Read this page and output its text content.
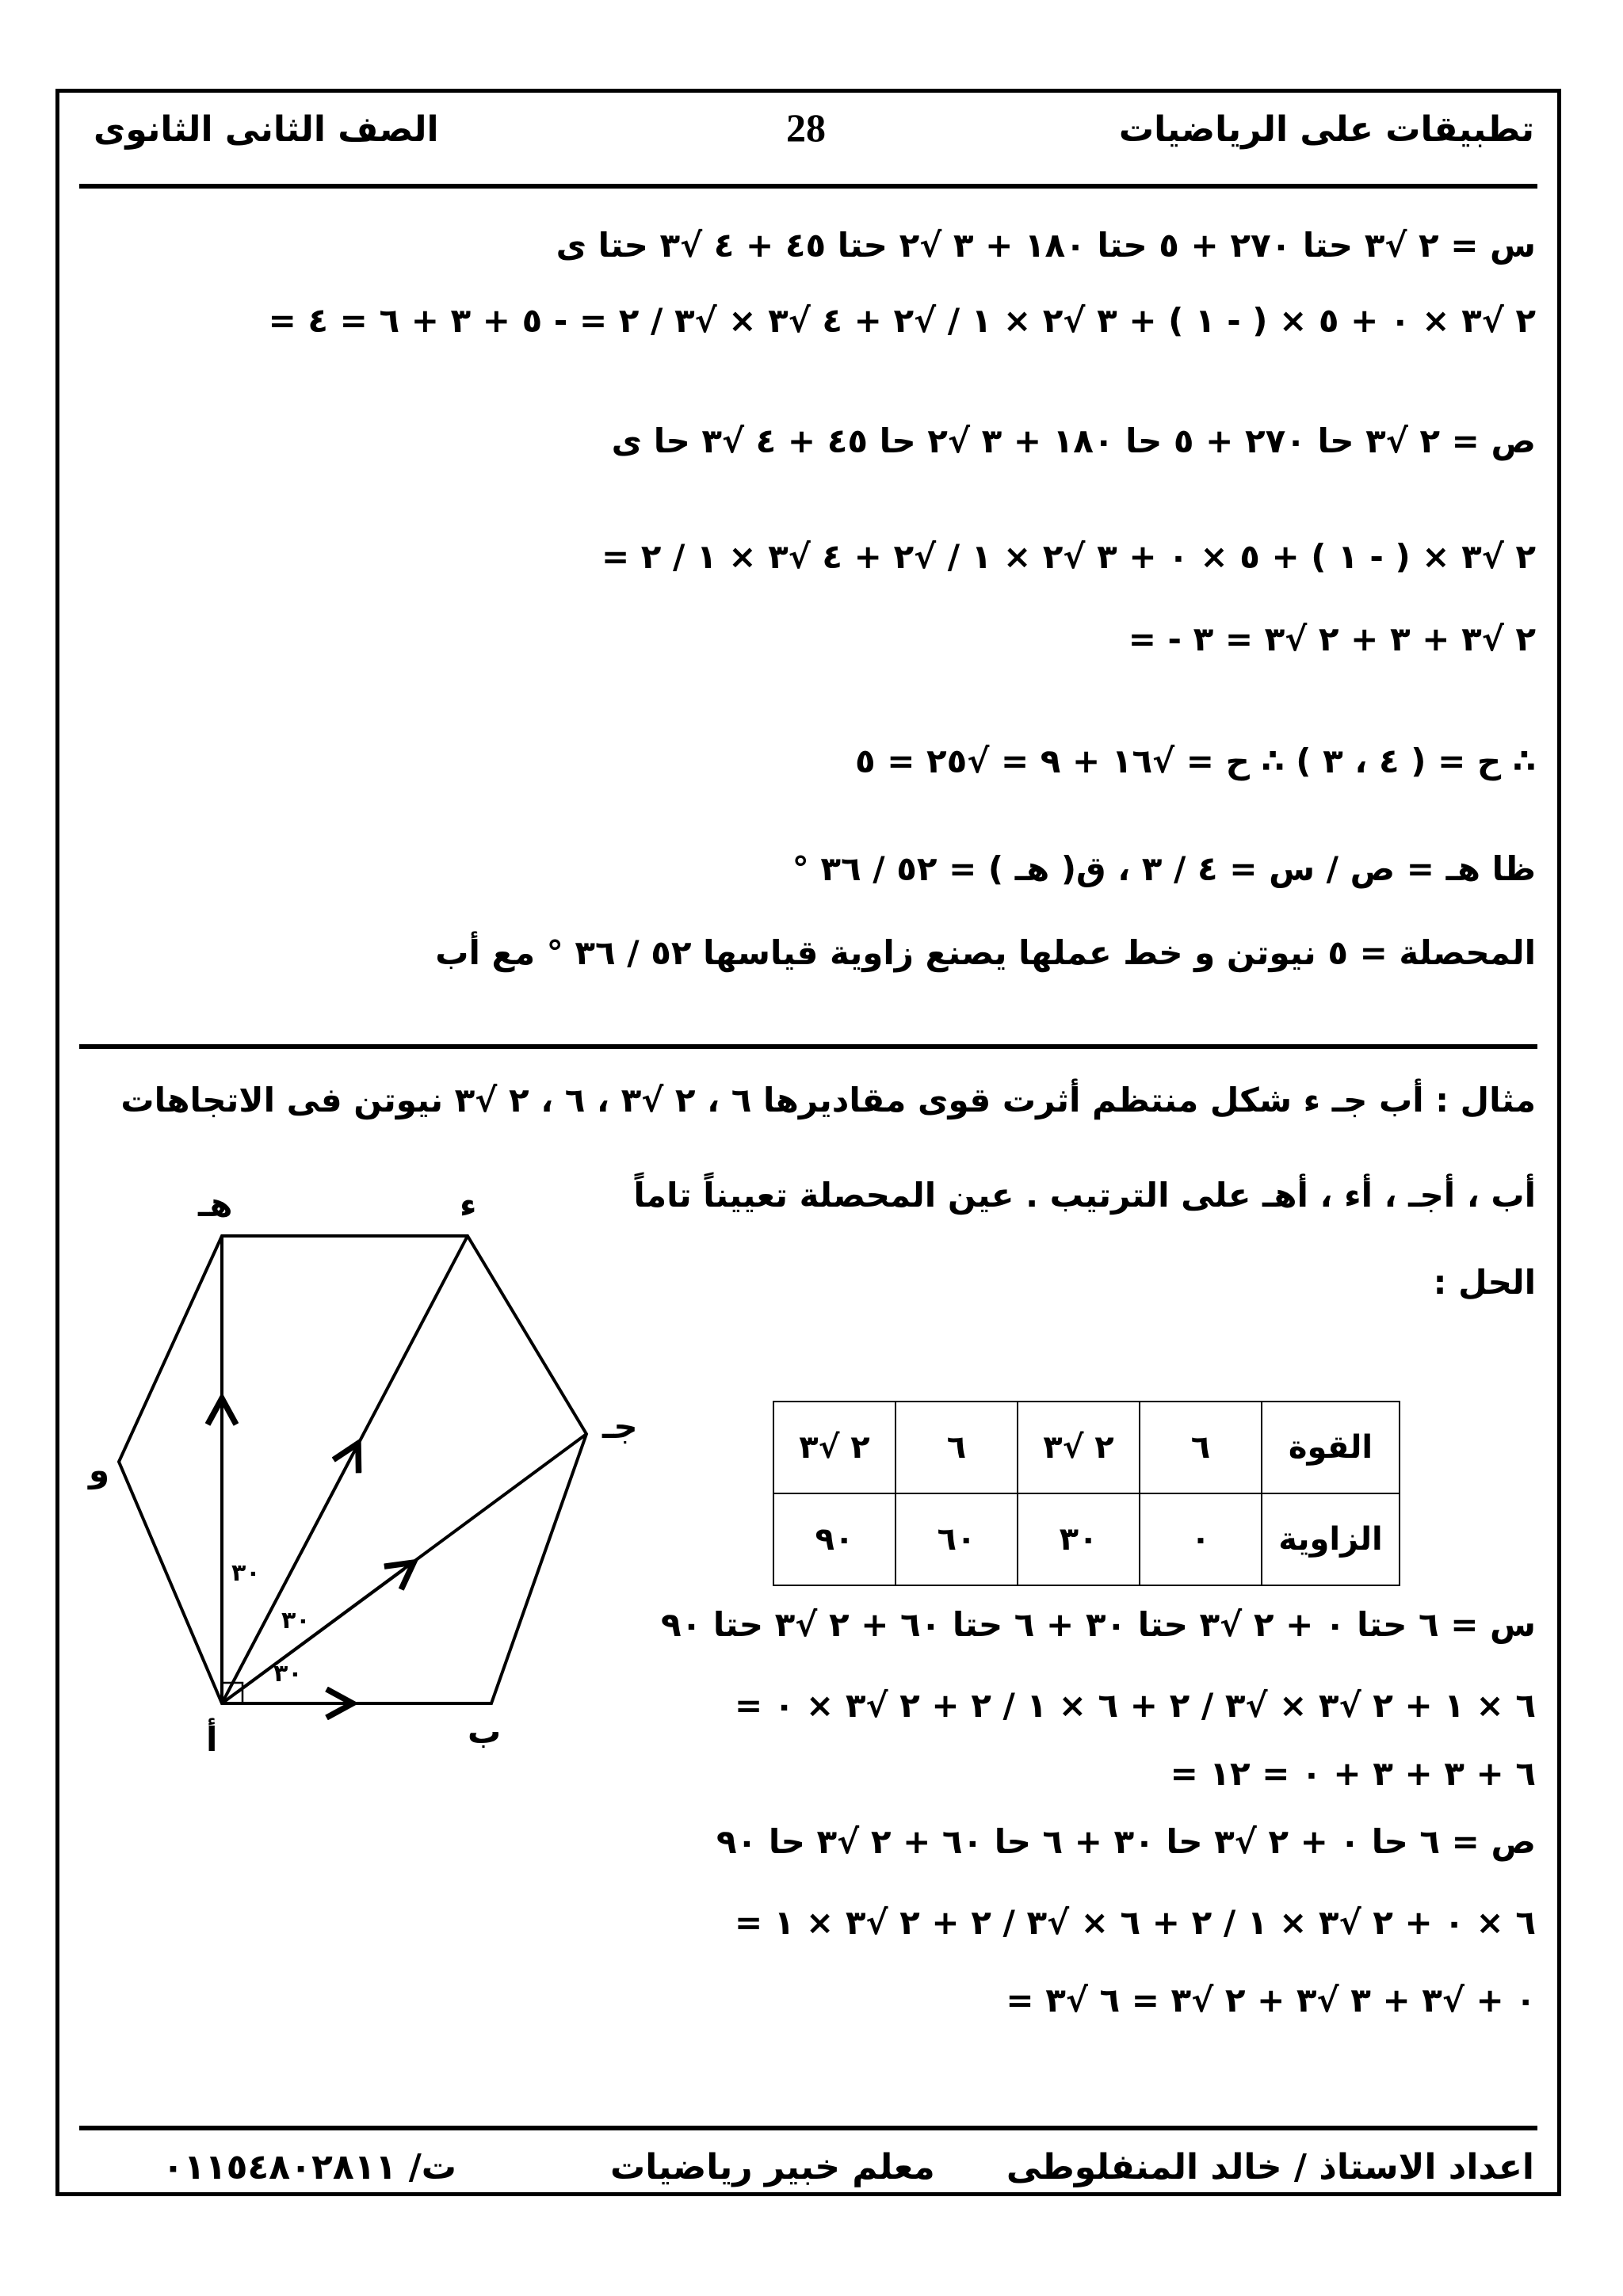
تطبيقات على الرياضيات
28
الصف الثانى الثانوى
س = ٢ √٣ حتا ٢٧٠ + ٥ حتا ١٨٠ + ٣ √٢ حتا ٤٥ + ٤ √٣ حتا ى
= ٢ √٣ × ٠ + ٥ × ( - ١ ) + ٣ √٢ × ١ / √٢ + ٤ √٣ × √٣ / ٢ = - ٥ + ٣ + ٦ = ٤
ص = ٢ √٣ حا ٢٧٠ + ٥ حا ١٨٠ + ٣ √٢ حا ٤٥ + ٤ √٣ حا ى
= ٢ √٣ × ( - ١ ) + ٥ × ٠ + ٣ √٢ × ١ / √٢ + ٤ √٣ × ١ / ٢
= - ٢ √٣ + ٣ + ٢ √٣ = ٣
∴ ح = ( ٤ ، ٣ ) ∴ ح = √١٦ + ٩ = √٢٥ = ٥
ظا هـ = ص / س = ٤ / ٣ ، ق( هـ ) = ٥٢ / ٣٦ °
المحصلة = ٥ نيوتن و خط عملها يصنع زاوية قياسها ٥٢ / ٣٦ ° مع أب
مثال : أب جـ ء شكل منتظم أثرت قوى مقاديرها ٦ ، ٢ √٣ ، ٦ ، ٢ √٣ نيوتن فى الاتجاهات
أب ، أجـ ، أء ، أهـ على الترتيب . عين المحصلة تعييناً تاماً
الحل :
٣٠
٣٠
٣٠
أ	ب
جـ
ء
هـ
و
القوة	٦	٢ √٣	٦	٢ √٣
الزاوية	٠	٣٠	٦٠	٩٠
س = ٦ حتا ٠ + ٢ √٣ حتا ٣٠ + ٦ حتا ٦٠ + ٢ √٣ حتا ٩٠
= ٦ × ١ + ٢ √٣ × √٣ / ٢ + ٦ × ١ / ٢ + ٢ √٣ × ٠
= ٦ + ٣ + ٣ + ٠ = ١٢
ص = ٦ حا ٠ + ٢ √٣ حا ٣٠ + ٦ حا ٦٠ + ٢ √٣ حا ٩٠
= ٦ × ٠ + ٢ √٣ × ١ / ٢ + ٦ × √٣ / ٢ + ٢ √٣ × ١
= ٠ + √٣ + ٣ √٣ + ٢ √٣ = ٦ √٣
اعداد الاستاذ / خالد المنفلوطى
معلم خبير رياضيات
ت/ ٠١١٥٤٨٠٢٨١١
